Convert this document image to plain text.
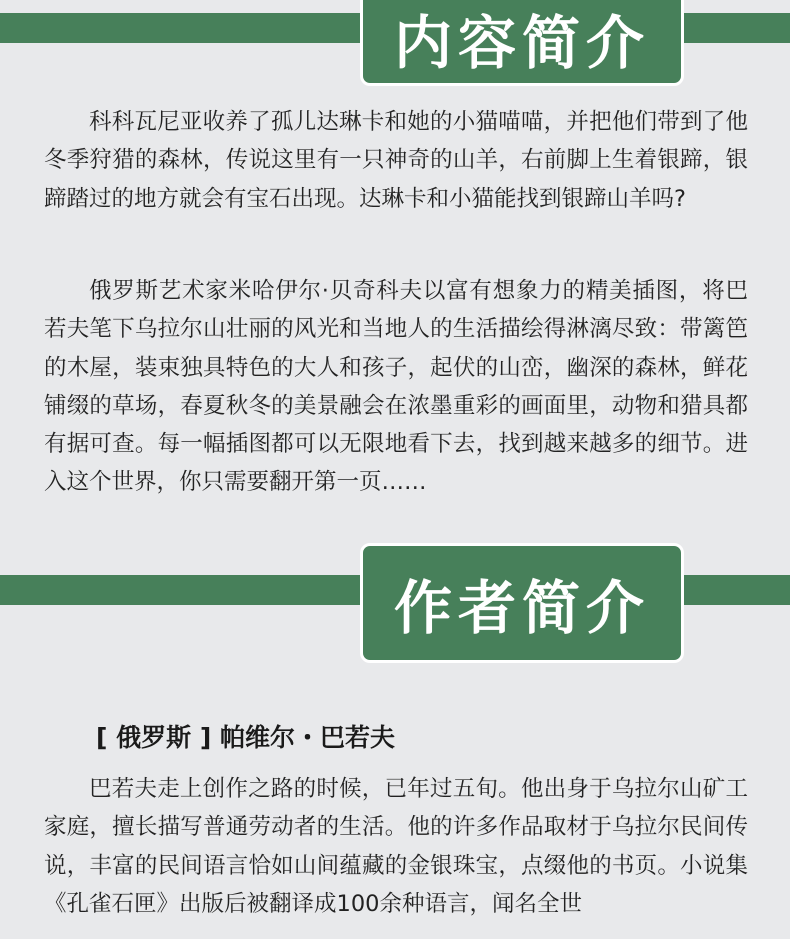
内容简介

科科瓦尼亚收养了孤儿达琳卡和她的小猫喵喵，并把他们带到了他冬季狩猎的森林，传说这里有一只神奇的山羊，右前脚上生着银蹄，银蹄踏过的地方就会有宝石出现。达琳卡和小猫能找到银蹄山羊吗?

俄罗斯艺术家米哈伊尔·贝奇科夫以富有想象力的精美插图，将巴若夫笔下乌拉尔山壮丽的风光和当地人的生活描绘得淋漓尽致：带篱笆的木屋，装束独具特色的大人和孩子，起伏的山峦，幽深的森林，鲜花铺缀的草场，春夏秋冬的美景融会在浓墨重彩的画面里，动物和猎具都有据可查。每一幅插图都可以无限地看下去，找到越来越多的细节。进入这个世界，你只需要翻开第一页……

作者简介

[ 俄罗斯 ] 帕维尔・巴若夫

巴若夫走上创作之路的时候，已年过五旬。他出身于乌拉尔山矿工家庭，擅长描写普通劳动者的生活。他的许多作品取材于乌拉尔民间传说，丰富的民间语言恰如山间蕴藏的金银珠宝，点缀他的书页。小说集《孔雀石匣》出版后被翻译成100余种语言，闻名全世
